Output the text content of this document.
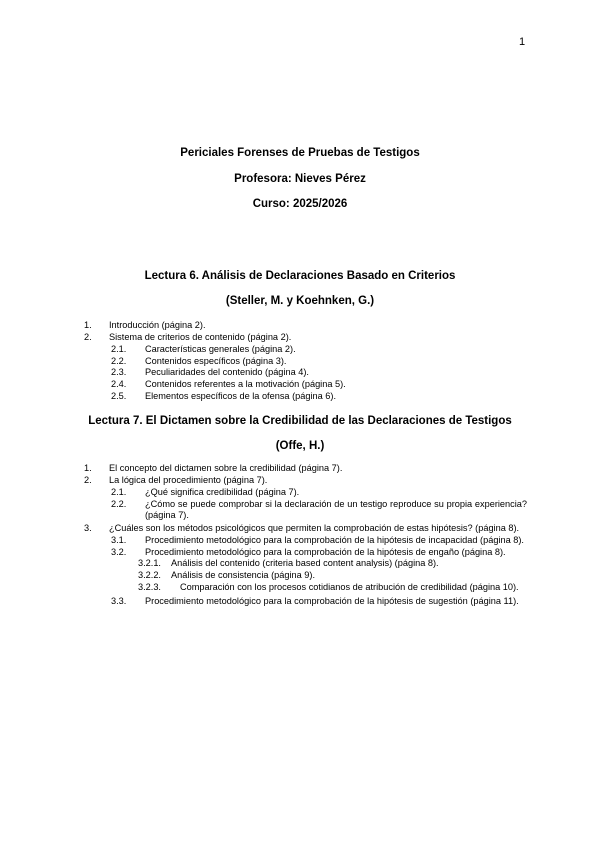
1
Periciales Forenses de Pruebas de Testigos
Profesora: Nieves Pérez
Curso: 2025/2026
Lectura 6. Análisis de Declaraciones Basado en Criterios
(Steller, M. y Koehnken, G.)
1. Introducción (página 2).
2. Sistema de criterios de contenido (página 2).
2.1. Características generales (página 2).
2.2. Contenidos específicos (página 3).
2.3. Peculiaridades del contenido (página 4).
2.4. Contenidos referentes a la motivación (página 5).
2.5. Elementos específicos de la ofensa (página 6).
Lectura 7. El Dictamen sobre la Credibilidad de las Declaraciones de Testigos
(Offe, H.)
1. El concepto del dictamen sobre la credibilidad (página 7).
2. La lógica del procedimiento (página 7).
2.1. ¿Qué significa credibilidad (página 7).
2.2. ¿Cómo se puede comprobar si la declaración de un testigo reproduce su propia experiencia? (página 7).
3. ¿Cuáles son los métodos psicológicos que permiten la comprobación de estas hipótesis? (página 8).
3.1. Procedimiento metodológico para la comprobación de la hipótesis de incapacidad (página 8).
3.2. Procedimiento metodológico para la comprobación de la hipótesis de engaño (página 8).
3.2.1. Análisis del contenido (criteria based content analysis) (página 8).
3.2.2. Análisis de consistencia (página 9).
3.2.3. Comparación con los procesos cotidianos de atribución de credibilidad (página 10).
3.3. Procedimiento metodológico para la comprobación de la hipótesis de sugestión (página 11).
